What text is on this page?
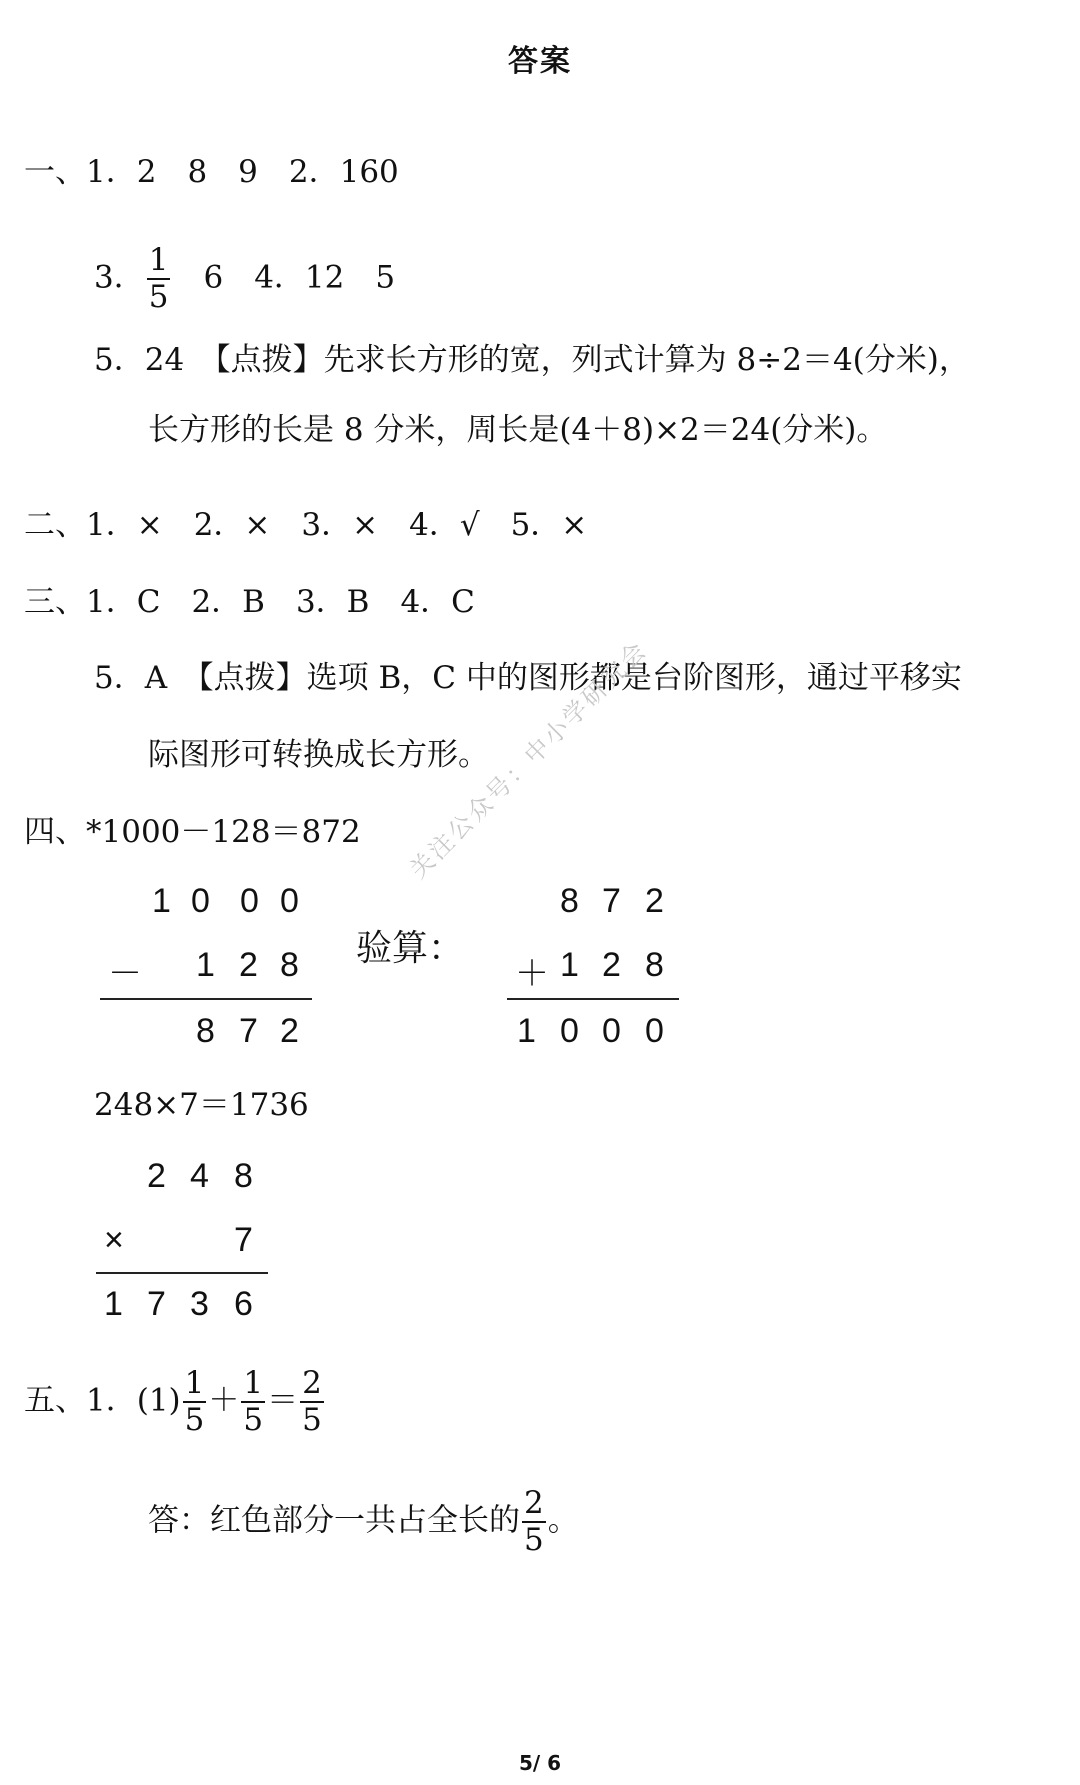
答案
一、1．2　8　9　2．160
3． $\frac{1}{5}$ 　6　4．12　5
5．24　【点拨】先求长方形的宽，列式计算为 8÷2＝4(分米)，
长方形的长是 8 分米，周长是(4＋8)×2＝24(分米)。
二、1．×　2．×　3．×　4．√　5．×
三、1．C　2．B　3．B　4．C
5．A　【点拨】选项 B，C 中的图形都是台阶图形，通过平移实
际图形可转换成长方形。
四、*1000－128＝872
1 0 0 0
－ 1 2 8
8 7 2
验算：
8 7 2
＋ 1 2 8
1 0 0 0
248×7＝1736
2 4 8
×	7
1 7 3 6
五、1．$(1) \frac{1}{5} + \frac{1}{5} = \frac{2}{5}$
答：红色部分一共占全长的 $\frac{2}{5}$ 。
关注公众号：中小学研究会
5/ 6
